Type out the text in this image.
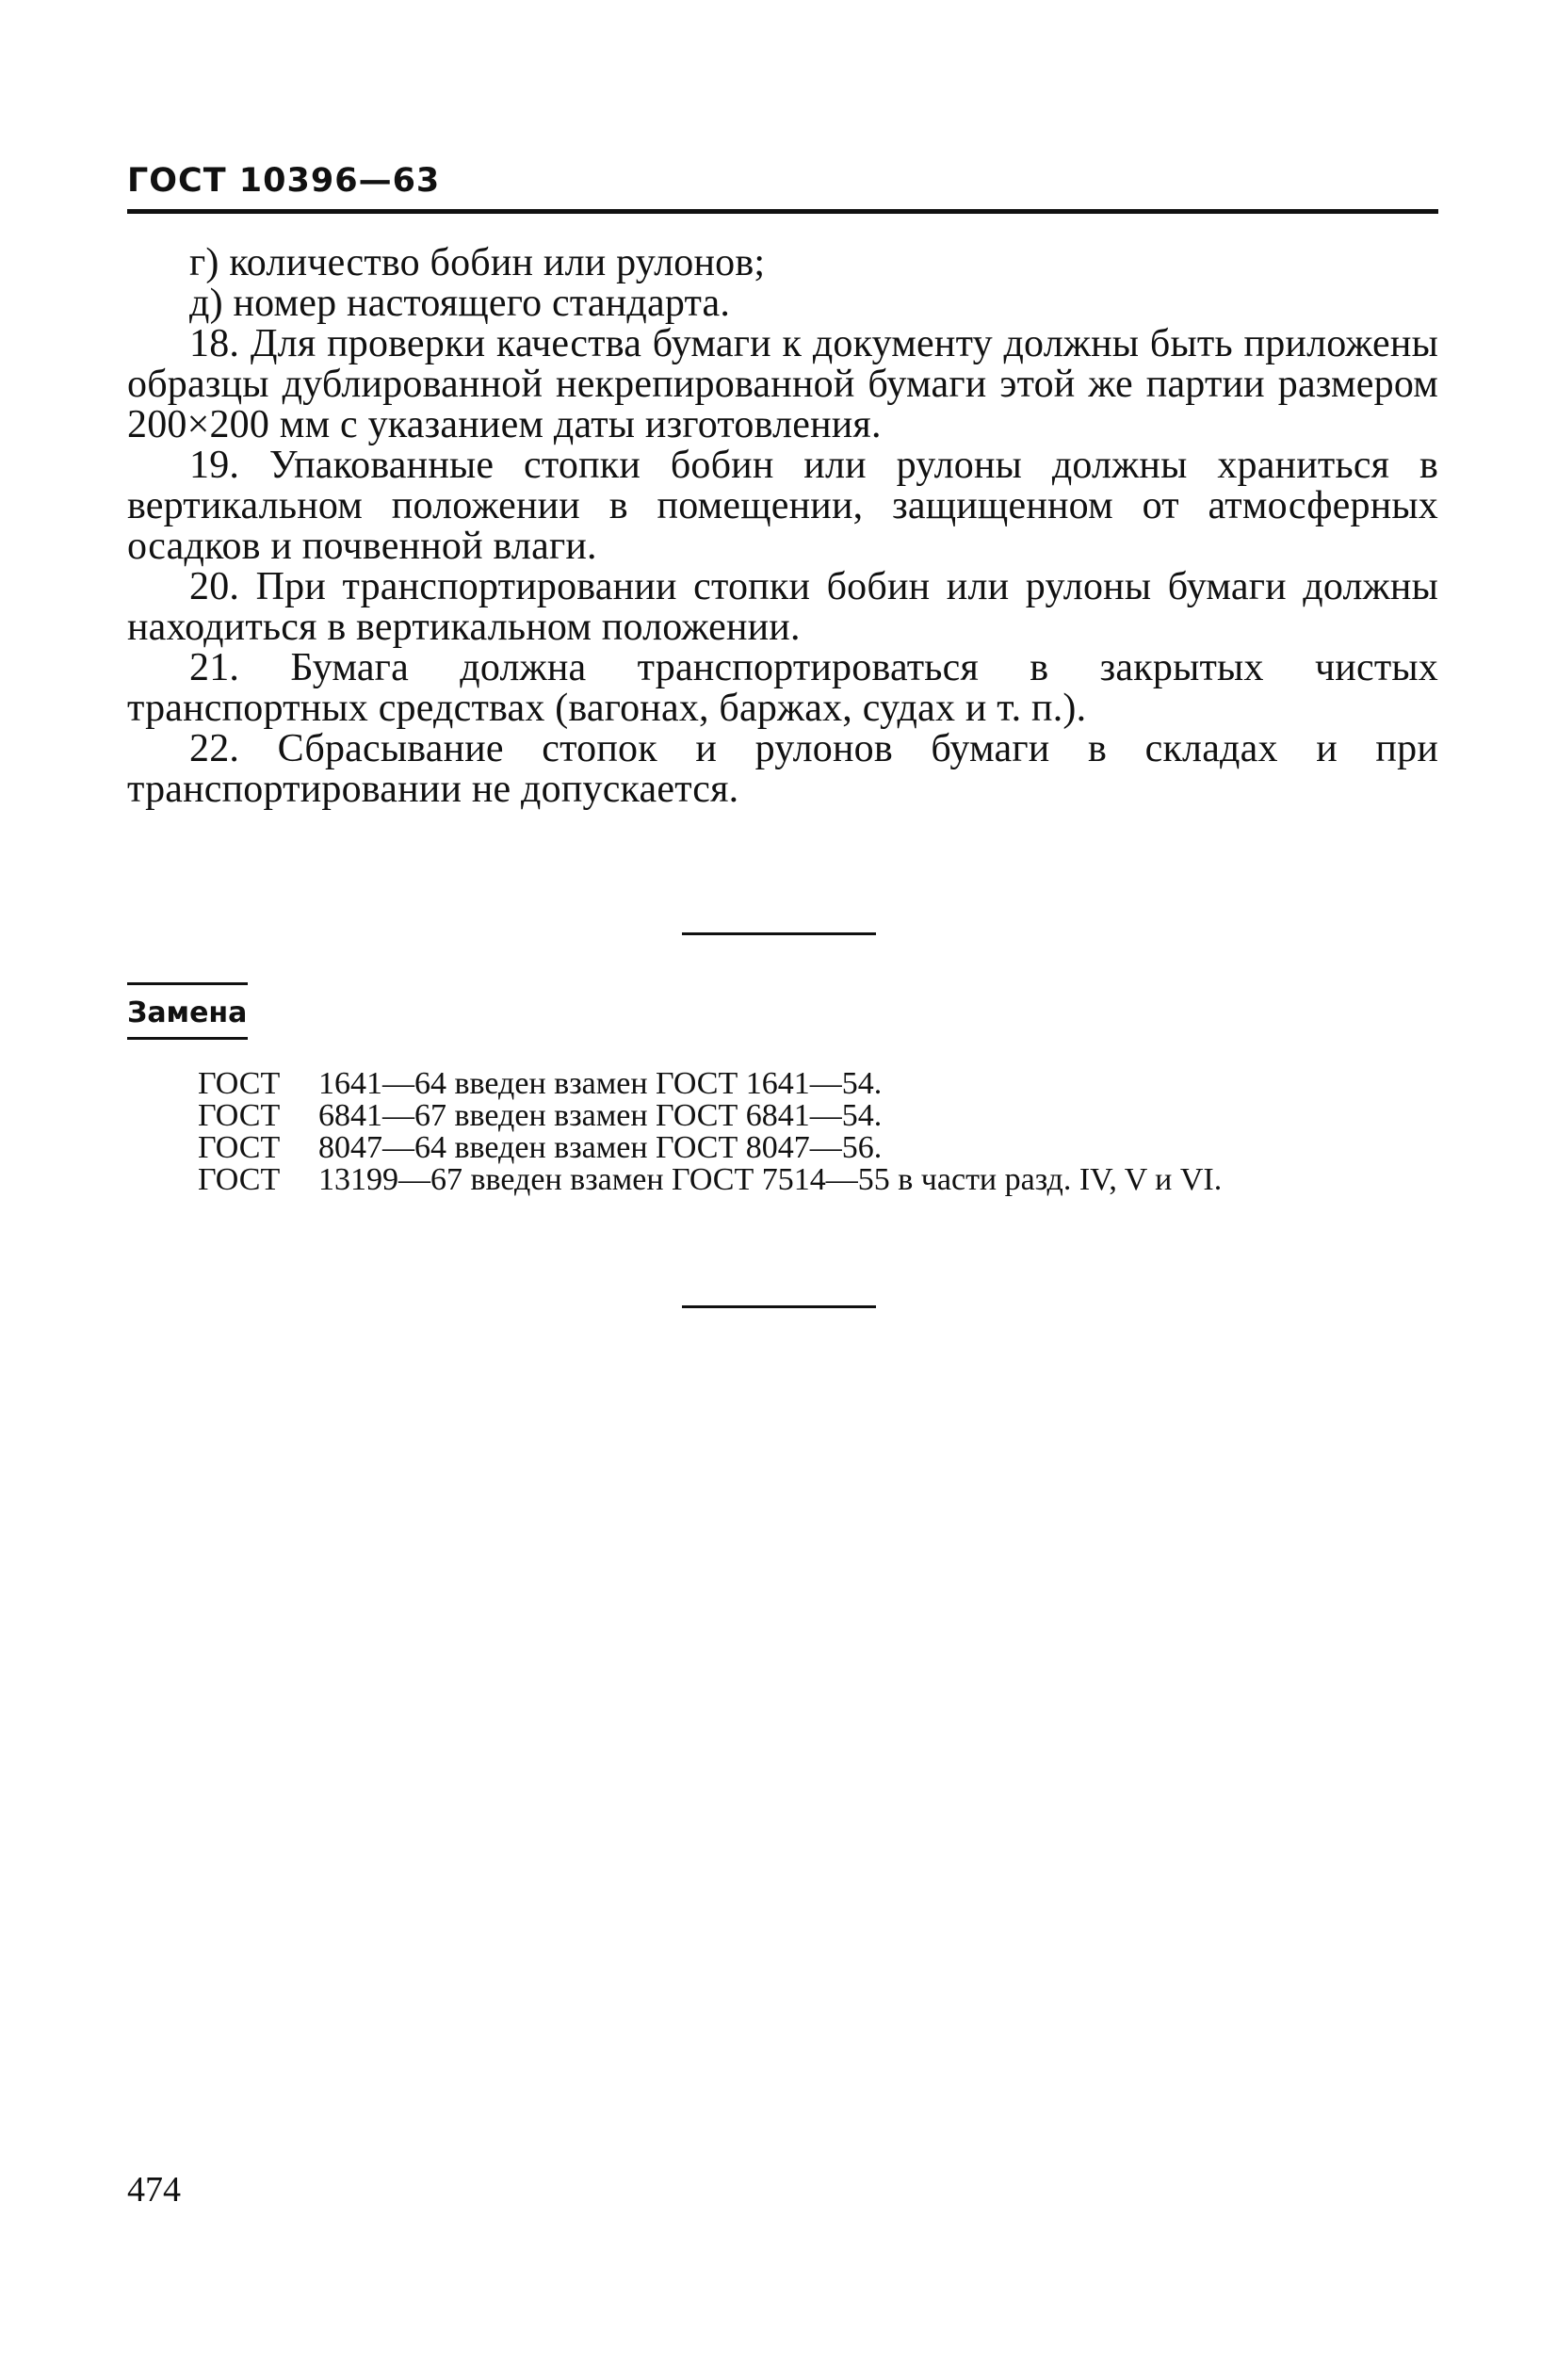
ГОСТ 10396—63

г) количество бобин или рулонов;

д) номер настоящего стандарта.

18. Для проверки качества бумаги к документу должны быть приложены образцы дублированной некрепированной бумаги этой же партии размером 200×200 мм с указанием даты изготовления.

19. Упакованные стопки бобин или рулоны должны храниться в вертикальном положении в помещении, защищенном от атмосферных осадков и почвенной влаги.

20. При транспортировании стопки бобин или рулоны бумаги должны находиться в вертикальном положении.

21. Бумага должна транспортироваться в закрытых чистых транспортных средствах (вагонах, баржах, судах и т. п.).

22. Сбрасывание стопок и рулонов бумаги в складах и при транспортировании не допускается.

Замена
ГОСТ 1641—64 введен взамен ГОСТ 1641—54.
ГОСТ 6841—67 введен взамен ГОСТ 6841—54.
ГОСТ 8047—64 введен взамен ГОСТ 8047—56.
ГОСТ 13199—67 введен взамен ГОСТ 7514—55 в части разд. IV, V и VI.
474
